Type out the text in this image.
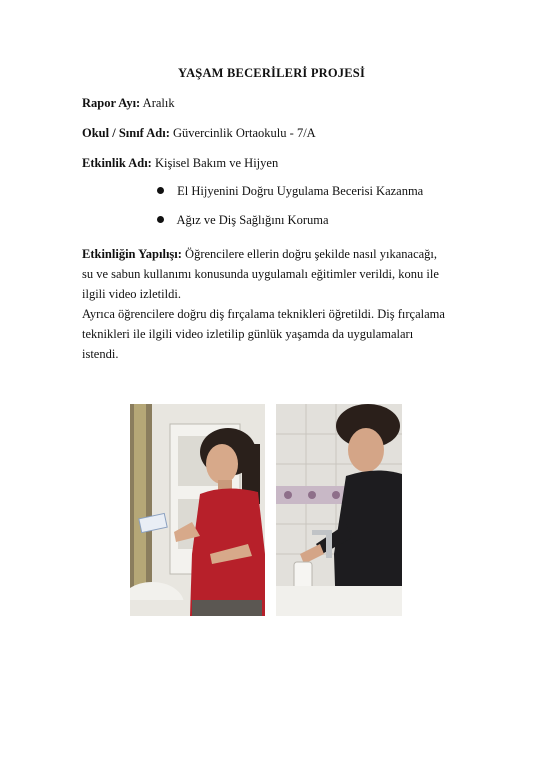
YAŞAM BECERİLERİ PROJESİ
Rapor Ayı: Aralık
Okul / Sınıf Adı: Güvercinlik Ortaokulu - 7/A
Etkinlik Adı: Kişisel Bakım ve Hijyen
El Hijyenini Doğru Uygulama Becerisi Kazanma
Ağız ve Diş Sağlığını Koruma

Etkinliğin Yapılışı: Öğrencilere ellerin doğru şekilde nasıl yıkanacağı,

su ve sabun kullanımı konusunda uygulamalı eğitimler verildi, konu ile

ilgili video izletildi.

Ayrıca öğrencilere doğru diş fırçalama teknikleri öğretildi. Diş fırçalama

teknikleri ile ilgili video izletilip günlük yaşamda da uygulamaları

istendi.
